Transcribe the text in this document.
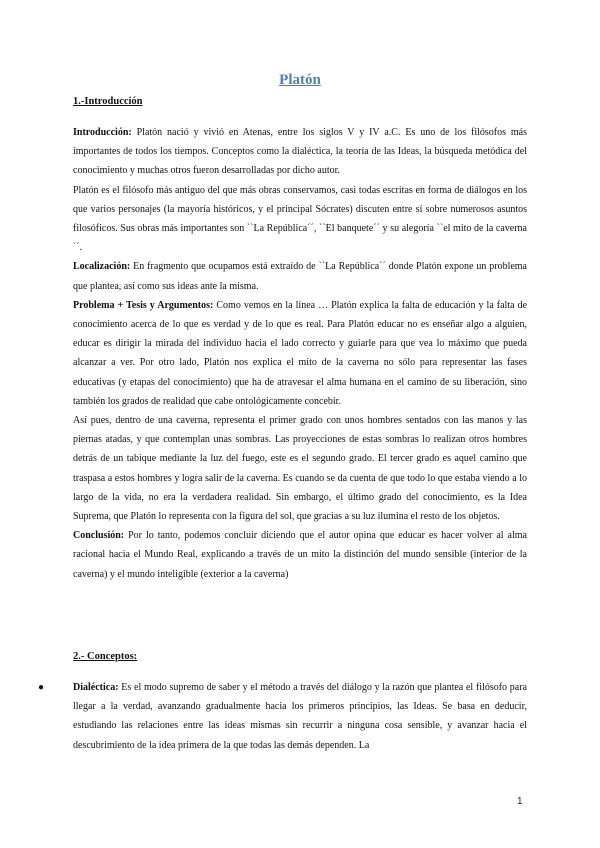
Platón
1.-Introducción

Introducción: Platón nació y vivió en Atenas, entre los siglos V y IV a.C. Es uno de los filósofos más importantes de todos los tiempos. Conceptos como la dialéctica, la teoría de las Ideas, la búsqueda metódica del conocimiento y muchas otros fueron desarrolladas por dicho autor.

Platón es el filósofo más antiguo del que más obras conservamos, casi todas escritas en forma de diálogos en los que varios personajes (la mayoría históricos, y el principal Sócrates) discuten entre sí sobre numerosos asuntos filosóficos. Sus obras más importantes son ``La República´´, ``El banquete´´ y su alegoría ``el mito de la caverna´´.

Localización: En fragmento que ocupamos está extraído de ``La República´´ donde Platón expone un problema que plantea, así como sus ideas ante la misma.

Problema + Tesis y Argumentos: Como vemos en la línea … Platón explica la falta de educación y la falta de conocimiento acerca de lo que es verdad y de lo que es real. Para Platón educar no es enseñar algo a alguien, educar es dirigir la mirada del individuo hacia el lado correcto y guiarle para que vea lo máximo que pueda alcanzar a ver. Por otro lado, Platón nos explica el mito de la caverna no sólo para representar las fases educativas (y etapas del conocimiento) que ha de atravesar el alma humana en el camino de su liberación, sino también los grados de realidad que cabe ontológicamente concebir.

Así pues, dentro de una caverna, representa el primer grado con unos hombres sentados con las manos y las piernas atadas, y que contemplan unas sombras. Las proyecciones de estas sombras lo realizan otros hombres detrás de un tabique mediante la luz del fuego, este es el segundo grado. El tercer grado es aquel camino que traspasa a estos hombres y logra salir de la caverna. Es cuando se da cuenta de que todo lo que estaba viendo a lo largo de la vida, no era la verdadera realidad. Sin embargo, el último grado del conocimiento, es la Idea Suprema, que Platón lo representa con la figura del sol, que gracias a su luz ilumina el resto de los objetos.

Conclusión: Por lo tanto, podemos concluir diciendo que el autor opina que educar es hacer volver al alma racional hacia el Mundo Real, explicando a través de un mito la distinción del mundo sensible (interior de la caverna) y el mundo inteligible (exterior a la caverna)

2.- Conceptos:
●	Dialéctica: Es el modo supremo de saber y el método a través del diálogo y la razón que plantea el filósofo para llegar a la verdad, avanzando gradualmente hacia los primeros principios, las Ideas. Se basa en deducir, estudiando las relaciones entre las ideas mismas sin recurrir a ninguna cosa sensible, y avanzar hacia el descubrimiento de la idea primera de la que todas las demás dependen. La
1
